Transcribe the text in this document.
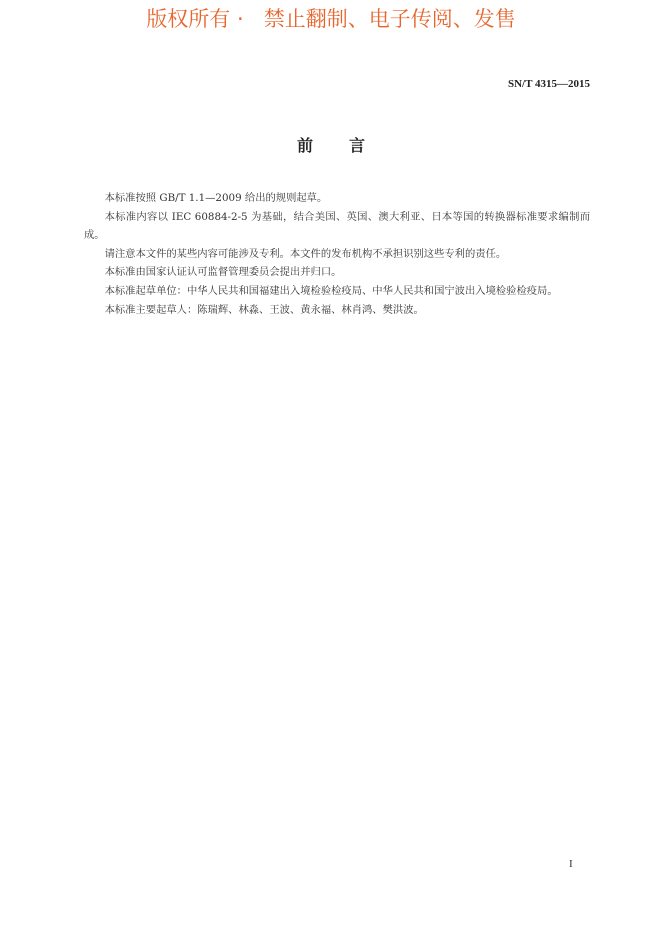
版权所有 ·   禁止翻制、电子传阅、发售
SN/T 4315—2015
前言

本标准按照 GB/T 1.1—2009 给出的规则起草。

本标准内容以 IEC 60884-2-5 为基础，结合美国、英国、澳大利亚、日本等国的转换器标准要求编制而成。

请注意本文件的某些内容可能涉及专利。本文件的发布机构不承担识别这些专利的责任。

本标准由国家认证认可监督管理委员会提出并归口。

本标准起草单位：中华人民共和国福建出入境检验检疫局、中华人民共和国宁波出入境检验检疫局。

本标准主要起草人：陈瑞辉、林淼、王波、黄永福、林肖鸿、樊洪波。

I
